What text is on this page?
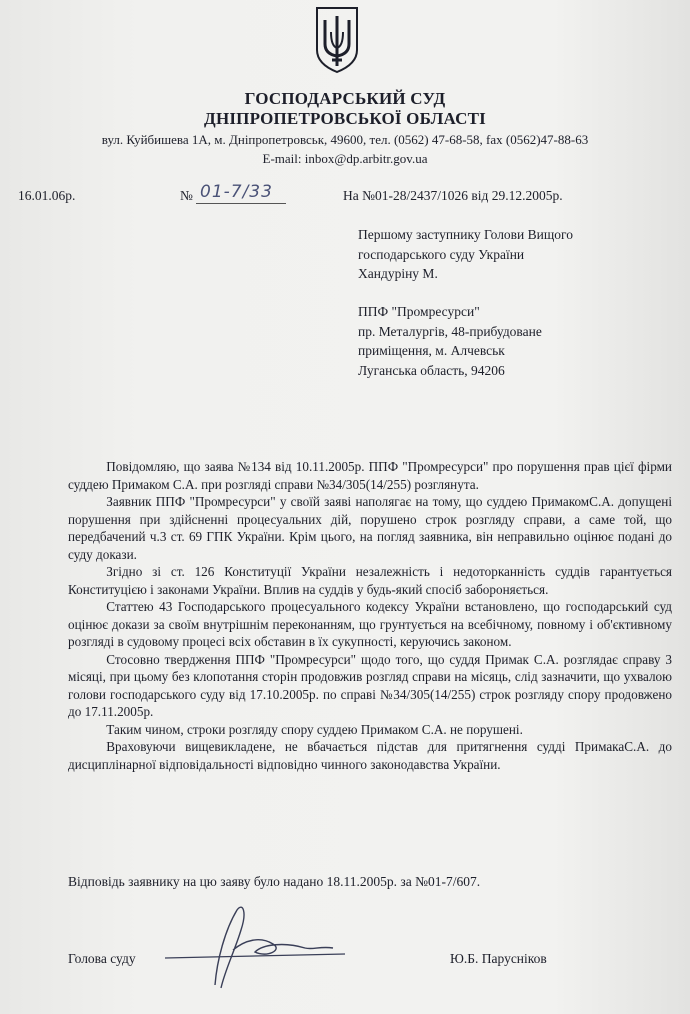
ГОСПОДАРСЬКИЙ СУД
ДНІПРОПЕТРОВСЬКОЇ ОБЛАСТІ
вул. Куйбишева 1А, м. Дніпропетровськ, 49600, тел. (0562) 47-68-58, fax (0562)47-88-63
E-mail: inbox@dp.arbitr.gov.ua
16.01.06р.	№ 01-7/33	На №01-28/2437/1026 від 29.12.2005р.
Першому заступнику Голови Вищого
господарського суду України
Хандуріну М.
ППФ "Промресурси"
пр. Металургів, 48-прибудоване
приміщення, м. Алчевськ
Луганська область, 94206

Повідомляю, що заява №134 від 10.11.2005р. ППФ "Промресурси" про порушення прав цієї фірми суддею Примаком С.А. при розгляді справи №34/305(14/255) розглянута.

Заявник ППФ "Промресурси" у своїй заяві наполягає на тому, що суддею ПримакомС.А. допущені порушення при здійсненні процесуальних дій, порушено строк розгляду справи, а саме той, що передбачений ч.3 ст. 69 ГПК України. Крім цього, на погляд заявника, він неправильно оцінює подані до суду докази.

Згідно зі ст. 126 Конституції України незалежність і недоторканність суддів гарантується Конституцією і законами України. Вплив на суддів у будь-який спосіб забороняється.

Статтею 43 Господарського процесуального кодексу України встановлено, що господарський суд оцінює докази за своїм внутрішнім переконанням, що грунтується на всебічному, повному і об'єктивному розгляді в судовому процесі всіх обставин в їх сукупності, керуючись законом.

Стосовно твердження ППФ "Промресурси" щодо того, що суддя Примак С.А. розглядає справу 3 місяці, при цьому без клопотання сторін продовжив розгляд справи на місяць, слід зазначити, що ухвалою голови господарського суду від 17.10.2005р. по справі №34/305(14/255) строк розгляду спору продовжено до 17.11.2005р.

Таким чином, строки розгляду спору суддею Примаком С.А. не порушені.

Враховуючи вищевикладене, не вбачається підстав для притягнення судді ПримакаС.А. до дисциплінарної відповідальності відповідно чинного законодавства України.

Відповідь заявнику на цю заяву було надано 18.11.2005р. за №01-7/607.
Голова суду	Ю.Б. Паруснiков
